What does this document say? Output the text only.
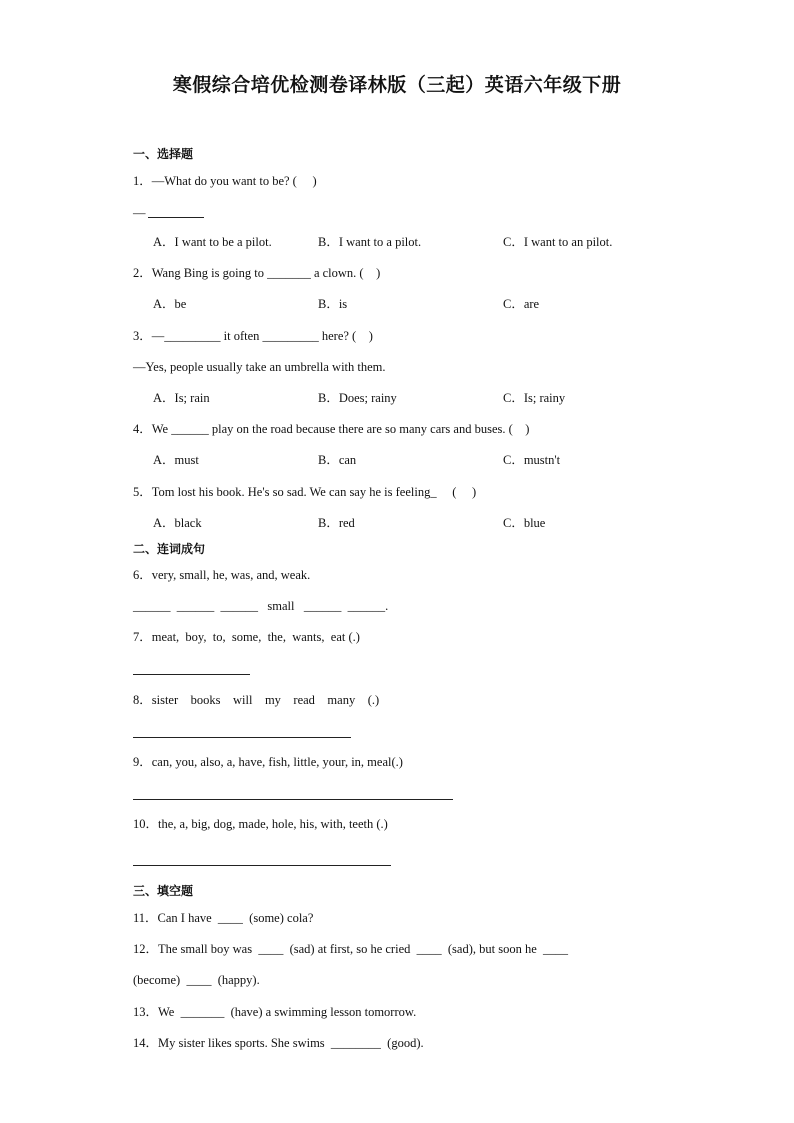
寒假综合培优检测卷译林版（三起）英语六年级下册
一、选择题
1．—What do you want to be? (     )
—
A．I want to be a pilot.	B．I want to a pilot.	C．I want to an pilot.
2．Wang Bing is going to _______ a clown. (    )
A．be	B．is	C．are
3．—_________ it often _________ here? (    )
—Yes, people usually take an umbrella with them.
A．Is; rain	B．Does; rainy	C．Is; rainy
4．We ______ play on the road because there are so many cars and buses. (    )
A．must	B．can	C．mustn't
5．Tom lost his book. He's so sad. We can say he is feeling_     (     )
A．black	B．red	C．blue
二、连词成句
6．very, small, he, was, and, weak.
______  ______  ______   small   ______  ______.
7．meat,  boy,  to,  some,  the,  wants,  eat (.)
8．sister    books    will    my    read    many    (.)
9．can, you, also, a, have, fish, little, your, in, meal(.)
10．the, a, big, dog, made, hole, his, with, teeth (.)
三、填空题
11．Can I have  ____  (some) cola?
12．The small boy was  ____  (sad) at first, so he cried  ____  (sad), but soon he  ____
(become)  ____  (happy).
13．We  _______  (have) a swimming lesson tomorrow.
14．My sister likes sports. She swims  ________  (good).
